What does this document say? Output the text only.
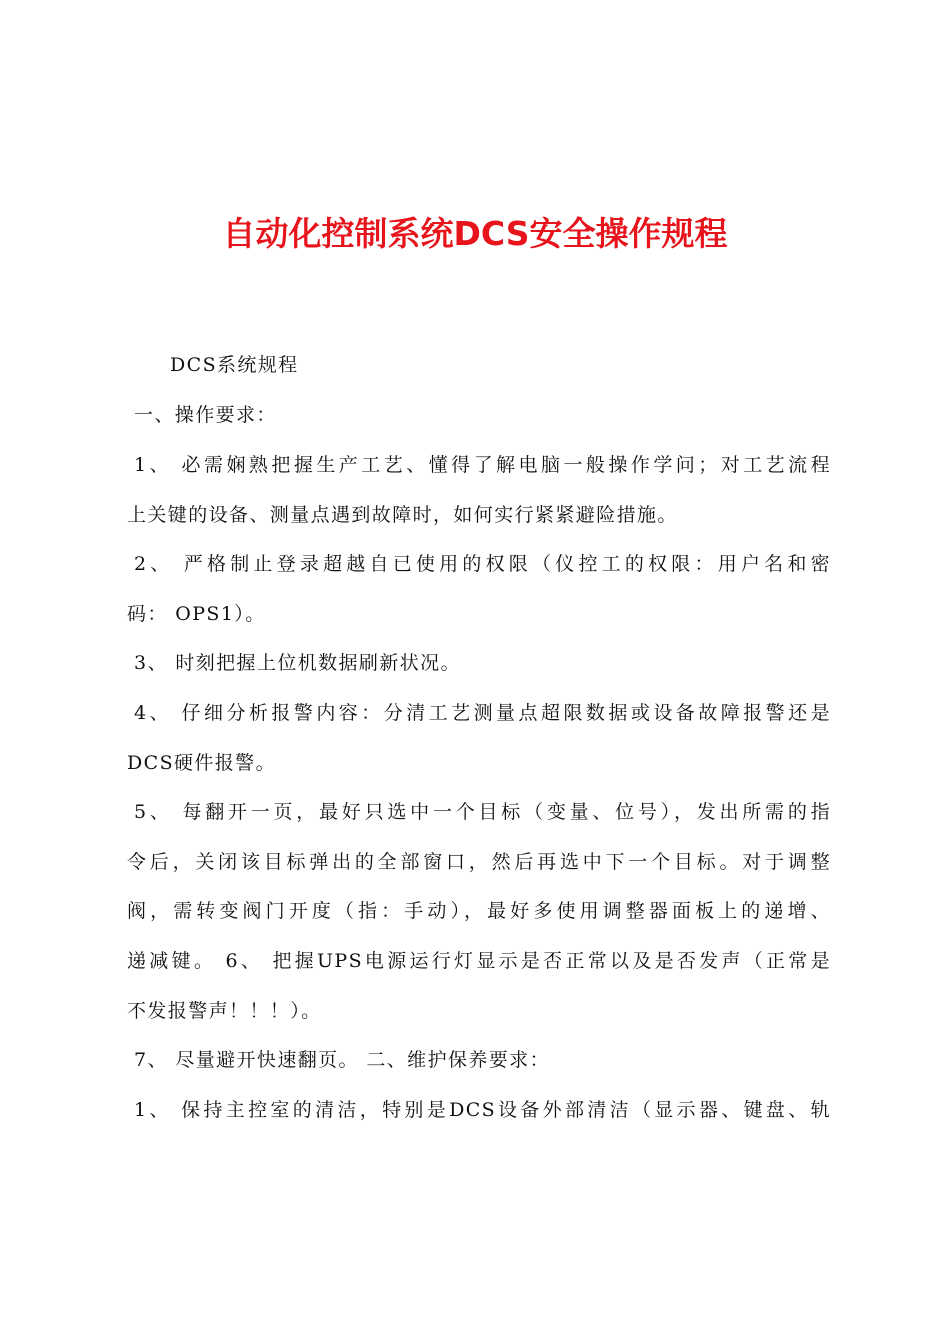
自动化控制系统DCS安全操作规程
DCS系统规程
一、操作要求：
1、 必需娴熟把握生产工艺、懂得了解电脑一般操作学问；对工艺流程
上关键的设备、测量点遇到故障时，如何实行紧紧避险措施。
2、 严格制止登录超越自已使用的权限（仪控工的权限：用户名和密
码： OPS1）。
3、 时刻把握上位机数据刷新状况。
4、 仔细分析报警内容：分清工艺测量点超限数据或设备故障报警还是
DCS硬件报警。
5、 每翻开一页，最好只选中一个目标（变量、位号），发出所需的指
令后，关闭该目标弹出的全部窗口，然后再选中下一个目标。对于调整
阀，需转变阀门开度（指：手动），最好多使用调整器面板上的递增、
递减键。 6、 把握UPS电源运行灯显示是否正常以及是否发声（正常是
不发报警声！！！）。
7、 尽量避开快速翻页。 二、维护保养要求：
1、 保持主控室的清洁，特别是DCS设备外部清洁（显示器、键盘、轨
